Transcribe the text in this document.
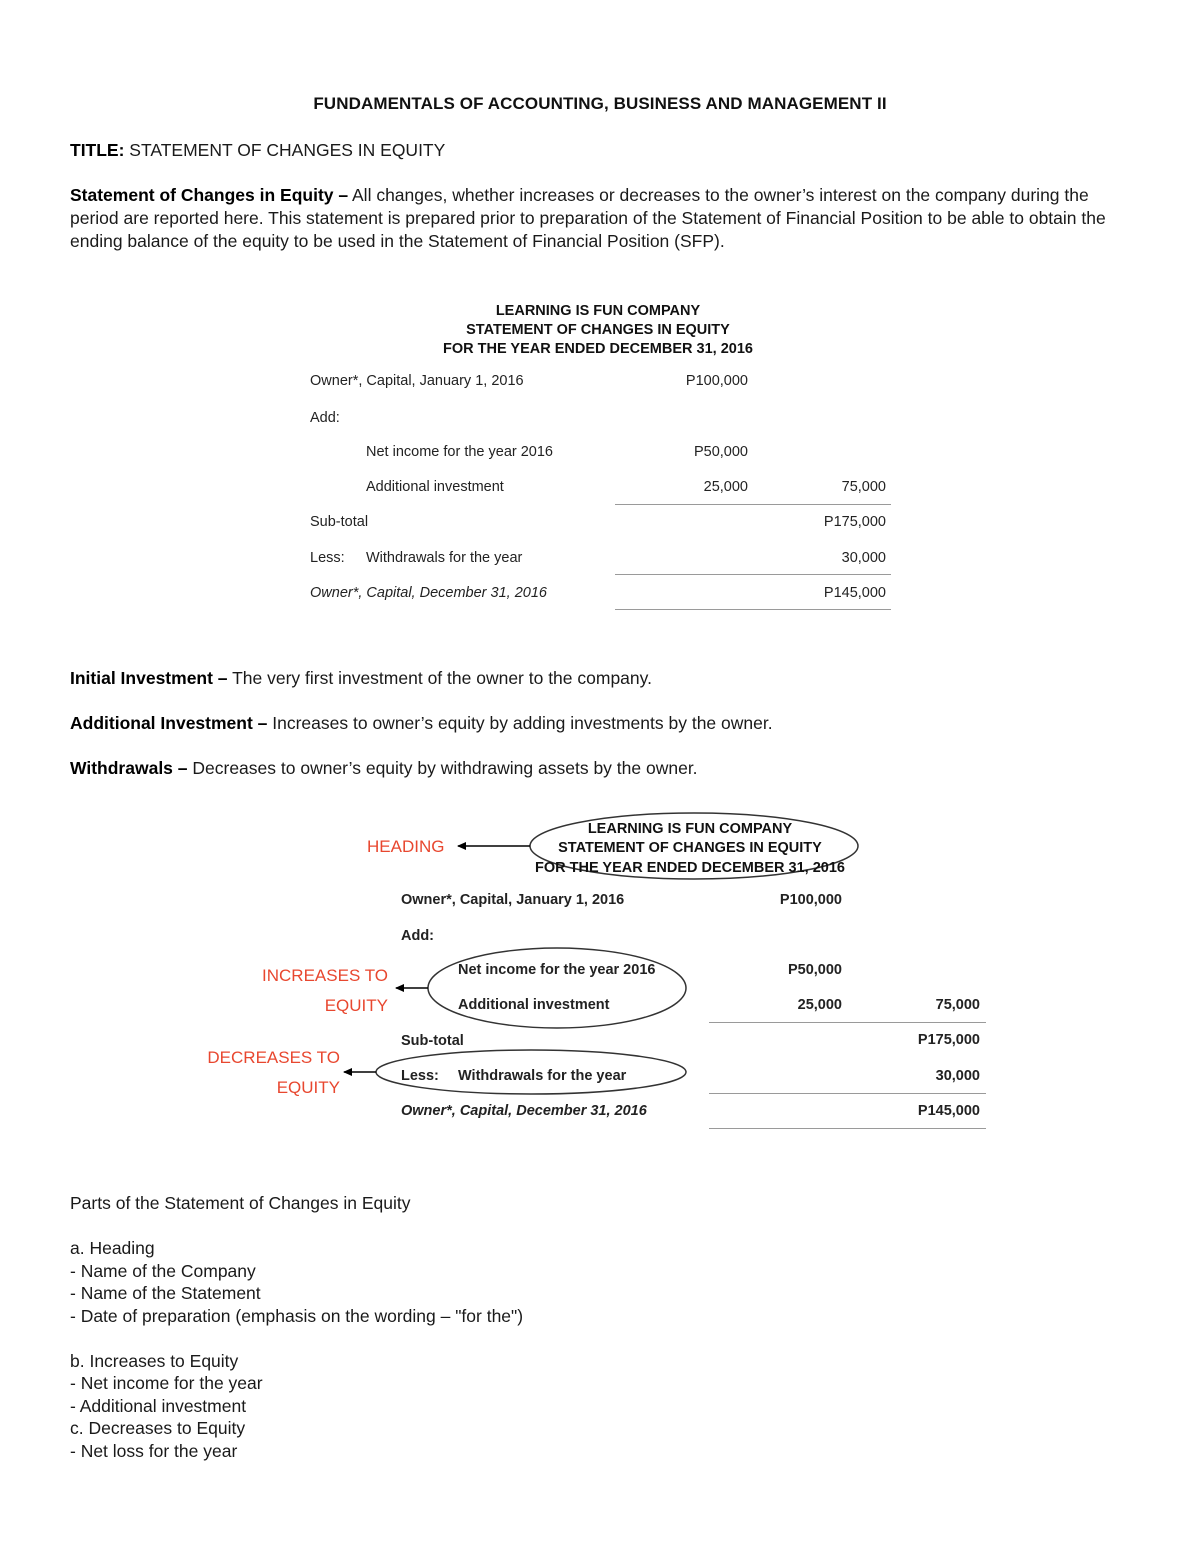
FUNDAMENTALS OF ACCOUNTING, BUSINESS AND MANAGEMENT II
TITLE: STATEMENT OF CHANGES IN EQUITY
Statement of Changes in Equity – All changes, whether increases or decreases to the owner’s interest on the company during the period are reported here. This statement is prepared prior to preparation of the Statement of Financial Position to be able to obtain the ending balance of the equity to be used in the Statement of Financial Position (SFP).
LEARNING IS FUN COMPANY
STATEMENT OF CHANGES IN EQUITY
FOR THE YEAR ENDED DECEMBER 31, 2016
Owner*, Capital, January 1, 2016	P100,000
Add:
Net income for the year 2016	P50,000
Additional investment	25,000	75,000
Sub-total	P175,000
Less: Withdrawals for the year	30,000
Owner*, Capital, December 31, 2016	P145,000
Initial Investment – The very first investment of the owner to the company.
Additional Investment – Increases to owner’s equity by adding investments by the owner.
Withdrawals – Decreases to owner’s equity by withdrawing assets by the owner.
HEADING
INCREASES TO
EQUITY
DECREASES TO
EQUITY
LEARNING IS FUN COMPANY
STATEMENT OF CHANGES IN EQUITY
FOR THE YEAR ENDED DECEMBER 31, 2016
Owner*, Capital, January 1, 2016	P100,000
Add:
Net income for the year 2016	P50,000
Additional investment	25,000	75,000
Sub-total	P175,000
Less: Withdrawals for the year	30,000
Owner*, Capital, December 31, 2016	P145,000
Parts of the Statement of Changes in Equity
a. Heading
- Name of the Company
- Name of the Statement
- Date of preparation (emphasis on the wording – "for the")
b. Increases to Equity
- Net income for the year
- Additional investment
c. Decreases to Equity
- Net loss for the year
